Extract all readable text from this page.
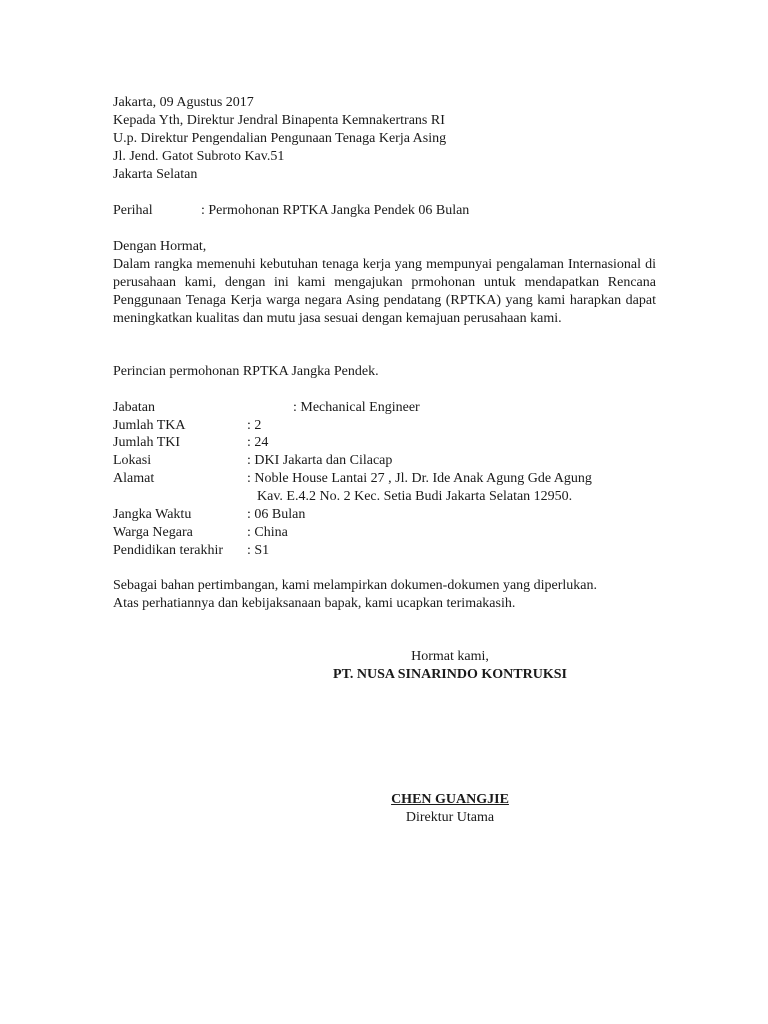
Jakarta, 09 Agustus 2017
Kepada Yth, Direktur Jendral Binapenta Kemnakertrans RI
U.p. Direktur Pengendalian Pengunaan Tenaga Kerja Asing
Jl. Jend. Gatot Subroto Kav.51
Jakarta Selatan
Perihal	: Permohonan RPTKA Jangka Pendek 06 Bulan
Dengan Hormat,
Dalam rangka memenuhi kebutuhan tenaga kerja yang mempunyai pengalaman Internasional di perusahaan kami, dengan ini kami mengajukan prmohonan untuk mendapatkan Rencana Penggunaan Tenaga Kerja warga negara Asing pendatang (RPTKA) yang kami harapkan dapat meningkatkan kualitas dan mutu jasa sesuai dengan kemajuan perusahaan kami.
Perincian permohonan RPTKA Jangka Pendek.
Jabatan	: Mechanical Engineer
Jumlah TKA	: 2
Jumlah TKI	: 24
Lokasi	: DKI Jakarta dan Cilacap
Alamat	: Noble House Lantai 27 , Jl. Dr. Ide Anak Agung Gde Agung
Kav. E.4.2 No. 2 Kec. Setia Budi Jakarta Selatan 12950.
Jangka Waktu	: 06 Bulan
Warga Negara	: China
Pendidikan terakhir : S1
Sebagai bahan pertimbangan, kami melampirkan dokumen-dokumen yang diperlukan.
Atas perhatiannya dan kebijaksanaan bapak, kami ucapkan terimakasih.
Hormat kami,
PT. NUSA SINARINDO KONTRUKSI
CHEN GUANGJIE
Direktur Utama
